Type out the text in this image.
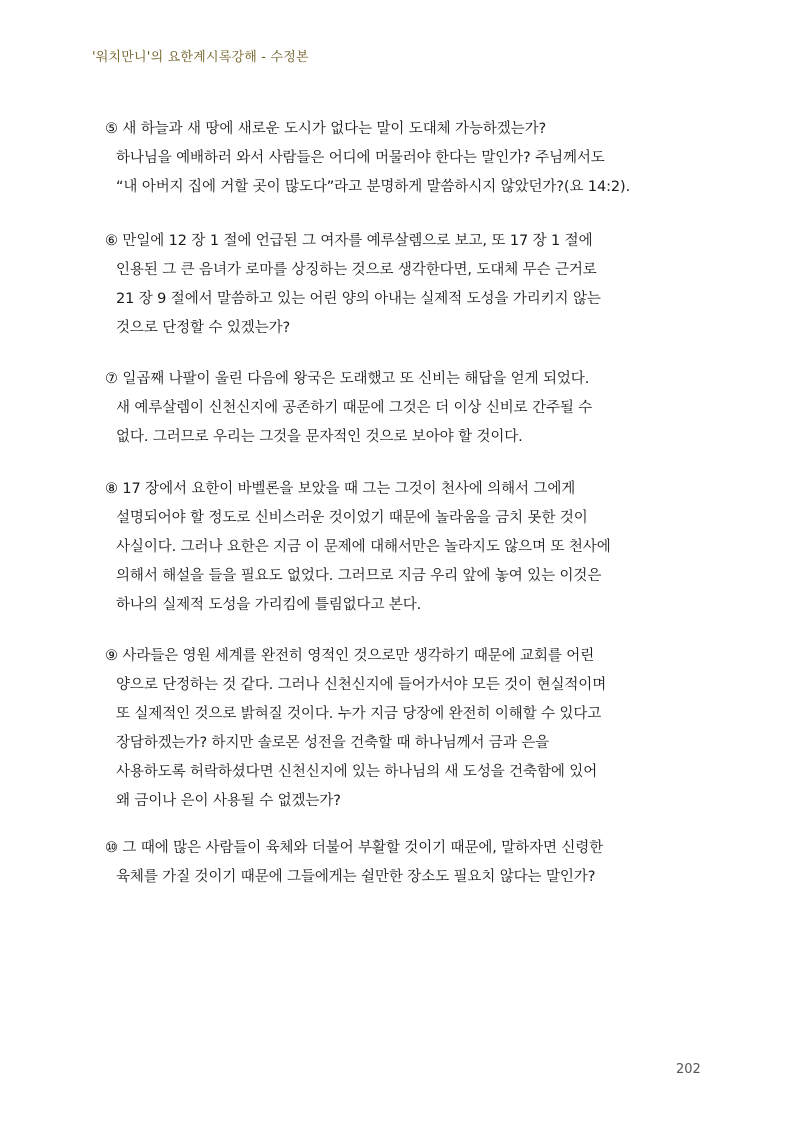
'워치만니'의 요한계시록강해 - 수정본
⑤ 새 하늘과 새 땅에 새로운 도시가 없다는 말이 도대체 가능하겠는가?
하나님을 예배하러 와서 사람들은 어디에 머물러야 한다는 말인가? 주님께서도
“내 아버지 집에 거할 곳이 많도다”라고 분명하게 말씀하시지 않았던가?(요 14:2).
⑥ 만일에 12 장 1 절에 언급된 그 여자를 예루살렘으로 보고, 또 17 장 1 절에
인용된 그 큰 음녀가 로마를 상징하는 것으로 생각한다면, 도대체 무슨 근거로
21 장 9 절에서 말씀하고 있는 어린 양의 아내는 실제적 도성을 가리키지 않는
것으로 단정할 수 있겠는가?
⑦ 일곱째 나팔이 울린 다음에 왕국은 도래했고 또 신비는 해답을 얻게 되었다.
새 예루살렘이 신천신지에 공존하기 때문에 그것은 더 이상 신비로 간주될 수
없다. 그러므로 우리는 그것을 문자적인 것으로 보아야 할 것이다.
⑧ 17 장에서 요한이 바벨론을 보았을 때 그는 그것이 천사에 의해서 그에게
설명되어야 할 정도로 신비스러운 것이었기 때문에 놀라움을 금치 못한 것이
사실이다. 그러나 요한은 지금 이 문제에 대해서만은 놀라지도 않으며 또 천사에
의해서 해설을 들을 필요도 없었다. 그러므로 지금 우리 앞에 놓여 있는 이것은
하나의 실제적 도성을 가리킴에 틀림없다고 본다.
⑨ 사라들은 영원 세계를 완전히 영적인 것으로만 생각하기 때문에 교회를 어린
양으로 단정하는 것 같다. 그러나 신천신지에 들어가서야 모든 것이 현실적이며
또 실제적인 것으로 밝혀질 것이다. 누가 지금 당장에 완전히 이해할 수 있다고
장담하겠는가? 하지만 솔로몬 성전을 건축할 때 하나님께서 금과 은을
사용하도록 허락하셨다면 신천신지에 있는 하나님의 새 도성을 건축함에 있어
왜 금이나 은이 사용될 수 없겠는가?
⑩ 그 때에 많은 사람들이 육체와 더불어 부활할 것이기 때문에, 말하자면 신령한
육체를 가질 것이기 때문에 그들에게는 쉴만한 장소도 필요치 않다는 말인가?
202
